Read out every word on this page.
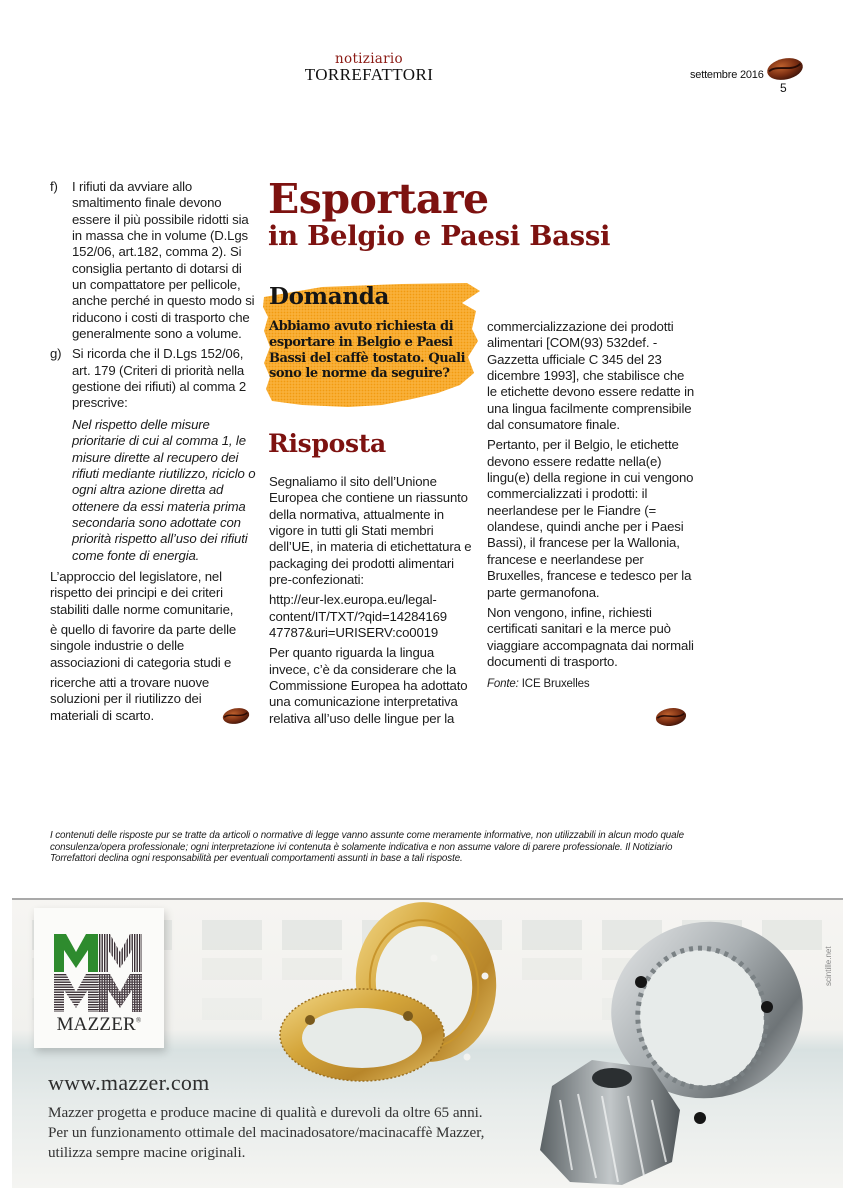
notiziario
TORREFATTORI	settembre 2016
5
f) I rifiuti da avviare allo smaltimento finale devono essere il più possibile ridotti sia in massa che in volume (D.Lgs 152/06, art.182, comma 2). Si consiglia pertanto di dotarsi di un compattatore per pellicole, anche perché in questo modo si riducono i costi di trasporto che generalmente sono a volume.
g) Si ricorda che il D.Lgs 152/06, art. 179 (Criteri di priorità nella gestione dei rifiuti) al comma 2 prescrive:
Nel rispetto delle misure prioritarie di cui al comma 1, le misure dirette al recupero dei rifiuti mediante riutilizzo, riciclo o ogni altra azione diretta ad ottenere da essi materia prima secondaria sono adottate con priorità rispetto all’uso dei rifiuti come fonte di energia.

L’approccio del legislatore, nel rispetto dei principi e dei criteri stabiliti dalle norme comunitarie,

è quello di favorire da parte delle singole industrie o delle associazioni di categoria studi e

ricerche atti a trovare nuove soluzioni per il riutilizzo dei materiali di scarto.

Esportare
in Belgio e Paesi Bassi
Domanda
Abbiamo avuto richiesta di esportare in Belgio e Paesi Bassi del caffè tostato. Quali sono le norme da seguire?
Risposta

Segnaliamo il sito dell’Unione Europea che contiene un riassunto della normativa, attualmente in vigore in tutti gli Stati membri dell’UE, in materia di etichettatura e packaging dei prodotti alimentari pre-confezionati:

http://eur-lex.europa.eu/legal-
content/IT/TXT/?qid=14284169
47787&uri=URISERV:co0019

Per quanto riguarda la lingua invece, c’è da considerare che la Commissione Europea ha adottato una comunicazione interpretativa relativa all’uso delle lingue per la

commercializzazione dei prodotti alimentari [COM(93) 532def. - Gazzetta ufficiale C 345 del 23 dicembre 1993], che stabilisce che le etichette devono essere redatte in una lingua facilmente comprensibile dal consumatore finale.

Pertanto, per il Belgio, le etichette devono essere redatte nella(e) lingu(e) della regione in cui vengono commercializzati i prodotti: il neerlandese per le Fiandre (= olandese, quindi anche per i Paesi Bassi), il francese per la Wallonia, francese e neerlandese per Bruxelles, francese e tedesco per la parte germanofona.

Non vengono, infine, richiesti certificati sanitari e la merce può viaggiare accompagnata dai normali documenti di trasporto.

Fonte: ICE Bruxelles
I contenuti delle risposte pur se tratte da articoli o normative di legge vanno assunte come meramente informative, non utilizzabili in alcun modo quale consulenza/opera professionale; ogni interpretazione ivi contenuta è solamente indicativa e non assume valore di parere professionale. Il Notiziario Torrefattori declina ogni responsabilità per eventuali comportamenti assunti in base a tali risposte.
MAZZER®
www.mazzer.com
Mazzer progetta e produce macine di qualità e durevoli da oltre 65 anni.
Per un funzionamento ottimale del macinadosatore/macinacaffè Mazzer,
utilizza sempre macine originali.
scintille.net
